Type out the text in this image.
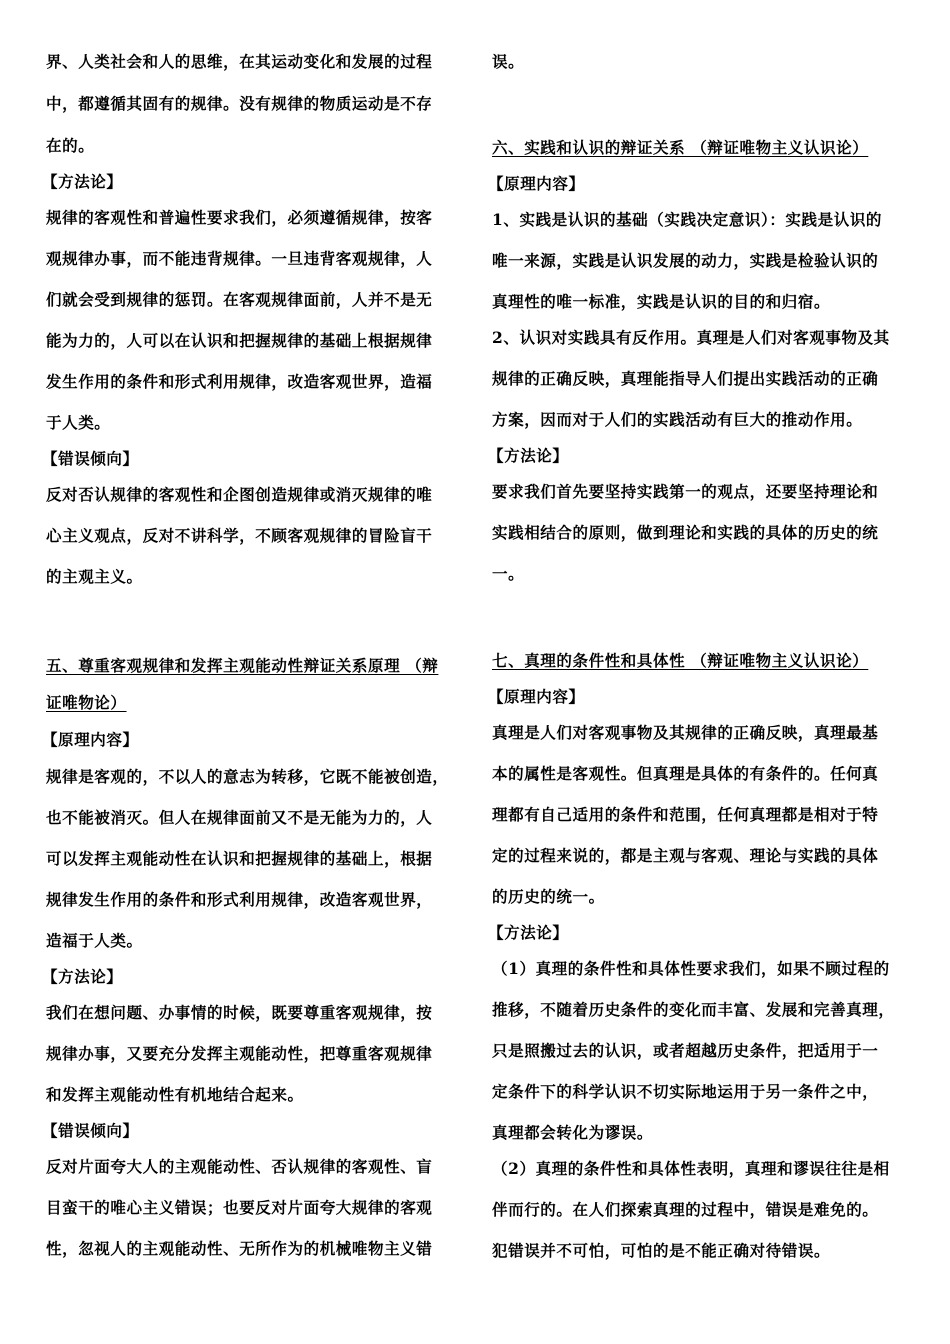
界、人类社会和人的思维，在其运动变化和发展的过程
中，都遵循其固有的规律。没有规律的物质运动是不存
在的。
【方法论】
规律的客观性和普遍性要求我们，必须遵循规律，按客
观规律办事，而不能违背规律。一旦违背客观规律，人
们就会受到规律的惩罚。在客观规律面前，人并不是无
能为力的，人可以在认识和把握规律的基础上根据规律
发生作用的条件和形式利用规律，改造客观世界，造福
于人类。
【错误倾向】
反对否认规律的客观性和企图创造规律或消灭规律的唯
心主义观点，反对不讲科学，不顾客观规律的冒险盲干
的主观主义。
五、尊重客观规律和发挥主观能动性辩证关系原理 （辩
证唯物论）
【原理内容】
规律是客观的，不以人的意志为转移，它既不能被创造，
也不能被消灭。但人在规律面前又不是无能为力的，人
可以发挥主观能动性在认识和把握规律的基础上，根据
规律发生作用的条件和形式利用规律，改造客观世界，
造福于人类。
【方法论】
我们在想问题、办事情的时候，既要尊重客观规律，按
规律办事，又要充分发挥主观能动性，把尊重客观规律
和发挥主观能动性有机地结合起来。
【错误倾向】
反对片面夸大人的主观能动性、否认规律的客观性、盲
目蛮干的唯心主义错误；也要反对片面夸大规律的客观
性，忽视人的主观能动性、无所作为的机械唯物主义错
误。
六、实践和认识的辩证关系 （辩证唯物主义认识论）
【原理内容】
1、实践是认识的基础（实践决定意识）：实践是认识的
唯一来源，实践是认识发展的动力，实践是检验认识的
真理性的唯一标准，实践是认识的目的和归宿。
2、认识对实践具有反作用。真理是人们对客观事物及其
规律的正确反映，真理能指导人们提出实践活动的正确
方案，因而对于人们的实践活动有巨大的推动作用。
【方法论】
要求我们首先要坚持实践第一的观点，还要坚持理论和
实践相结合的原则，做到理论和实践的具体的历史的统
一。
七、真理的条件性和具体性 （辩证唯物主义认识论）
【原理内容】
真理是人们对客观事物及其规律的正确反映，真理最基
本的属性是客观性。但真理是具体的有条件的。任何真
理都有自己适用的条件和范围，任何真理都是相对于特
定的过程来说的，都是主观与客观、理论与实践的具体
的历史的统一。
【方法论】
（1）真理的条件性和具体性要求我们，如果不顾过程的
推移，不随着历史条件的变化而丰富、发展和完善真理，
只是照搬过去的认识，或者超越历史条件，把适用于一
定条件下的科学认识不切实际地运用于另一条件之中，
真理都会转化为谬误。
（2）真理的条件性和具体性表明，真理和谬误往往是相
伴而行的。在人们探索真理的过程中，错误是难免的。
犯错误并不可怕，可怕的是不能正确对待错误。
